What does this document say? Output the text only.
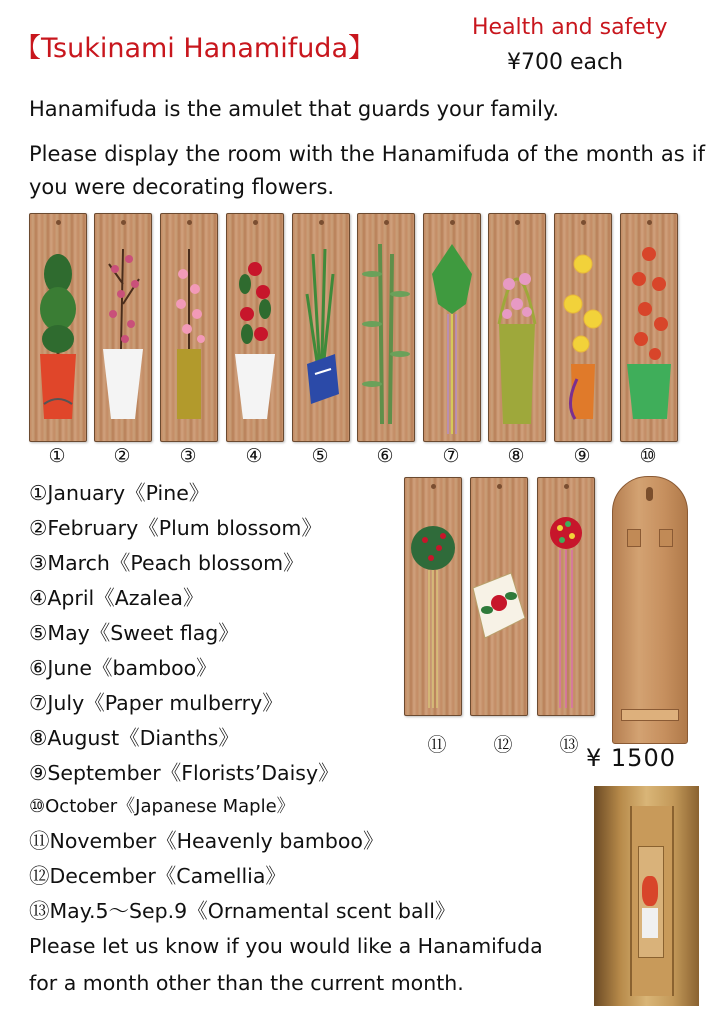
【Tsukinami Hanamifuda】
Health and safety
¥700 each
Hanamifuda is the amulet that guards your family.
Please display the room with the Hanamifuda of the month as if you were decorating flowers.
①	②	③	④	⑤	⑥	⑦	⑧	⑨	⑩
①January《Pine》
②February《Plum blossom》
③March《Peach blossom》
④April《Azalea》
⑤May《Sweet flag》
⑥June《bamboo》
⑦July《Paper mulberry》
⑧August《Dianths》
⑨September《Florists’Daisy》
⑩October《Japanese Maple》
⑪November《Heavenly bamboo》
⑫December《Camellia》
⑬May.5～Sep.9《Ornamental scent ball》
⑪ ⑫ ⑬ ¥ 1500
Please let us know if you would like a Hanamifuda
for a month other than the current month.
